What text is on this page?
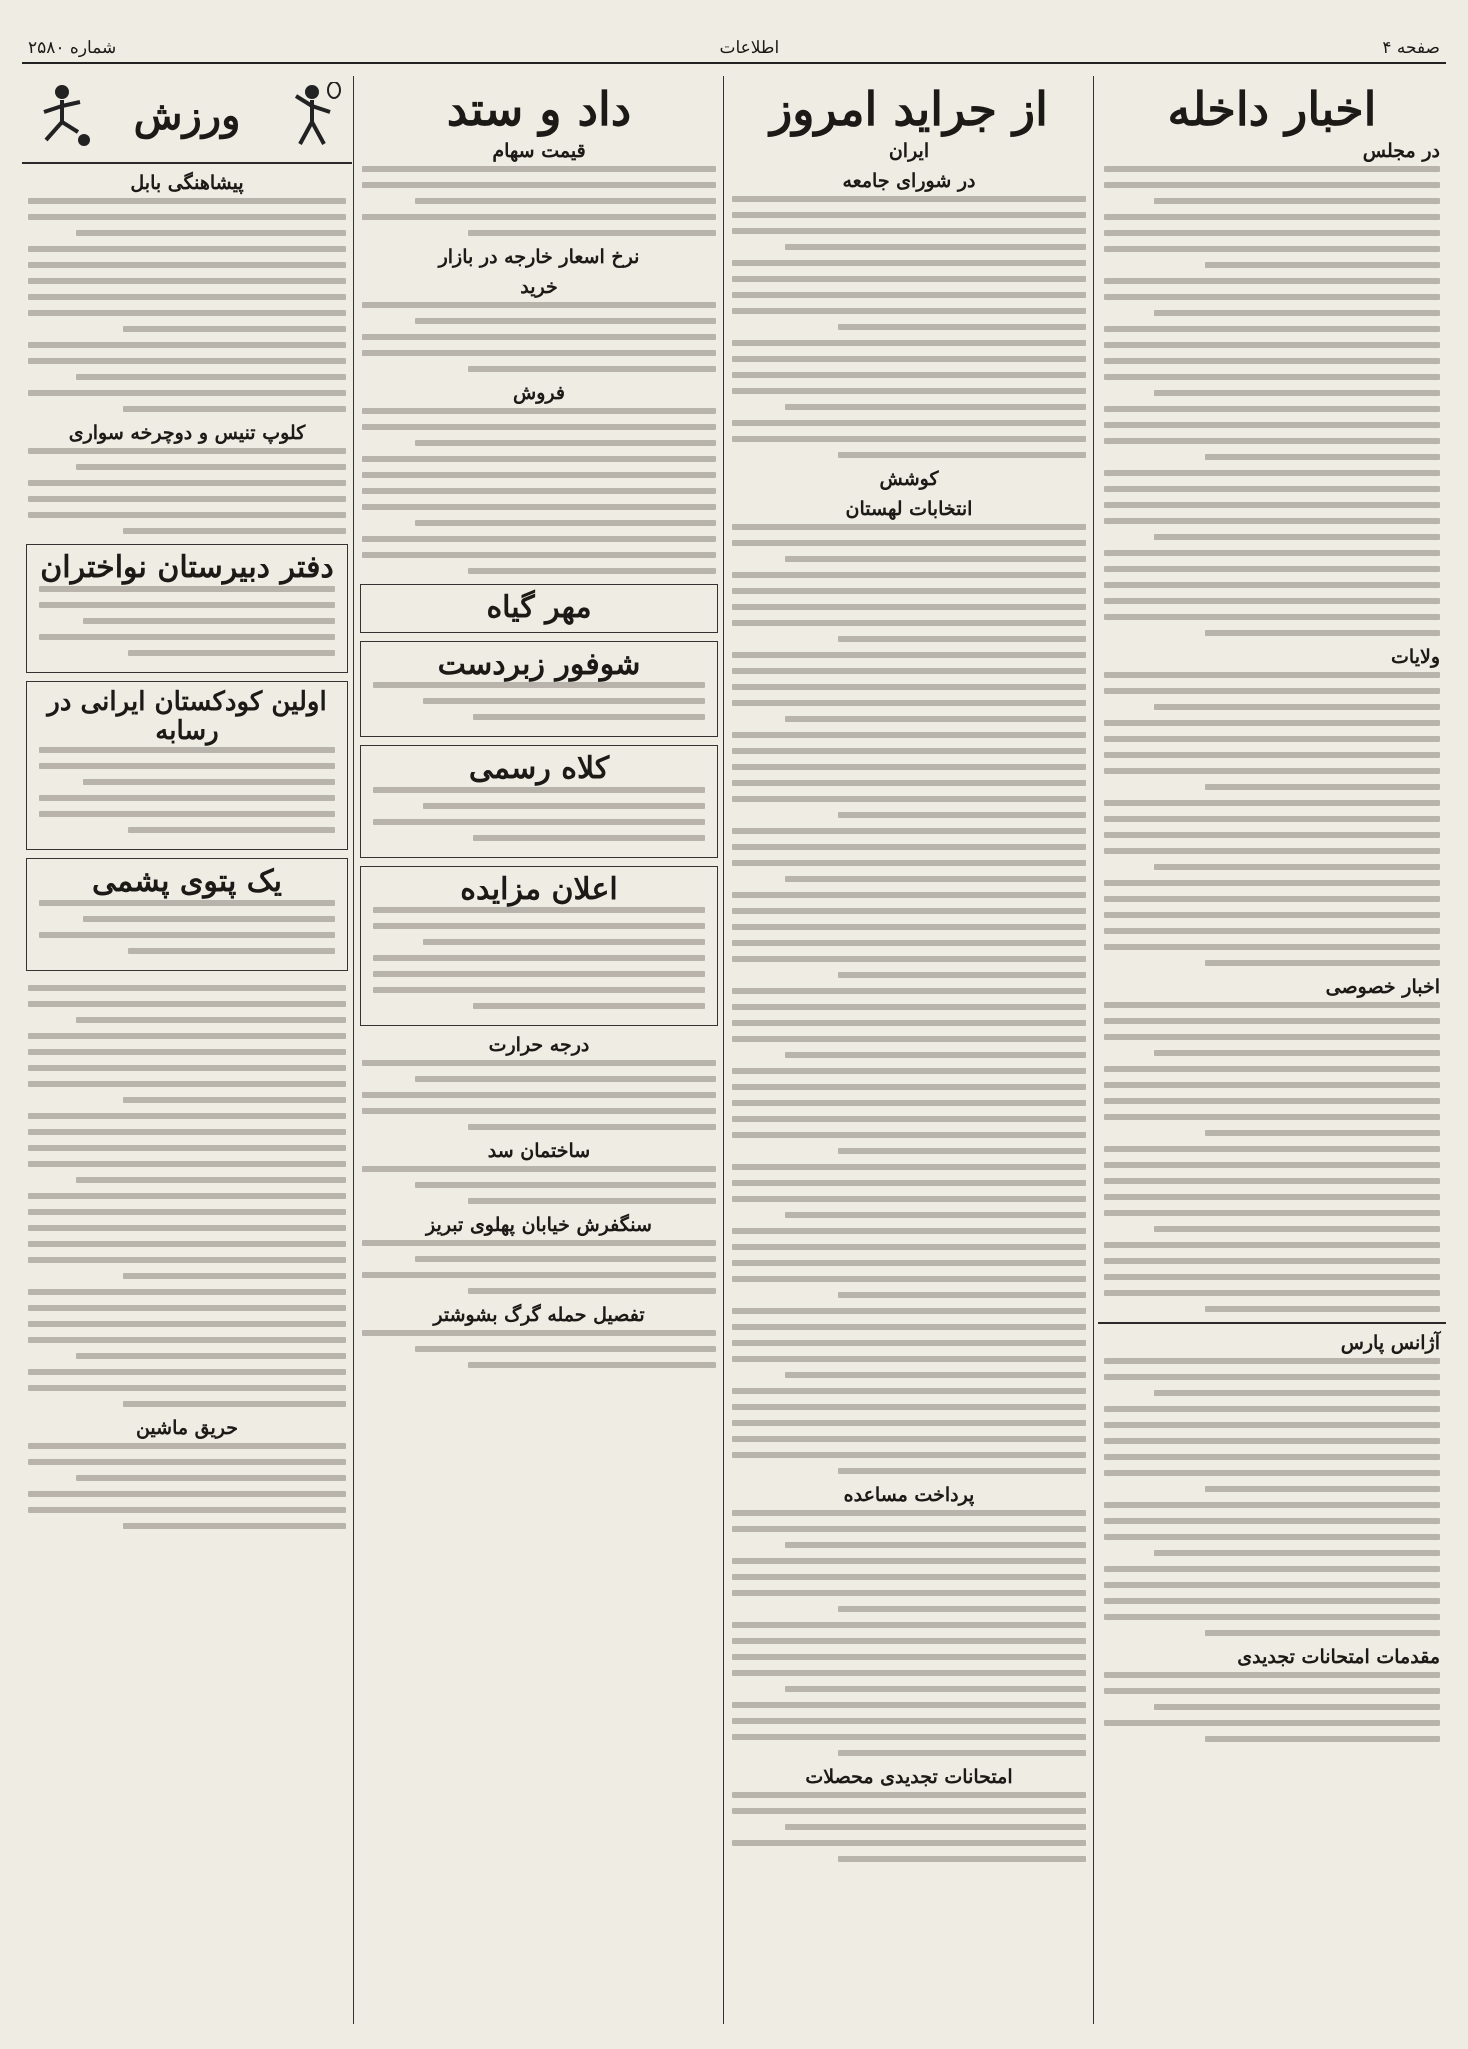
صفحه ۴
اطلاعات
شماره ۲۵۸۰
اخبار داخله
در مجلس
ولایات
اخبار خصوصی
آژانس پارس
مقدمات امتحانات تجدیدی
از جراید امروز
ایران
در شورای جامعه
کوشش
انتخابات لهستان
پرداخت مساعده
امتحانات تجدیدی محصلات
داد و ستد
قیمت سهام
نرخ اسعار خارجه در بازار
خرید
فروش
مهر گیاه
شوفور زبردست
کلاه رسمی
اعلان مزایده
درجه حرارت
ساختمان سد
سنگفرش خیابان پهلوی تبریز
تفصیل حمله گرگ بشوشتر
ورزش
پیشاهنگی بابل
کلوپ تنیس و دوچرخه سواری
دفتر دبیرستان نواختران
اولین کودکستان ایرانی در رسابه
یک پتوی پشمی
حریق ماشین
